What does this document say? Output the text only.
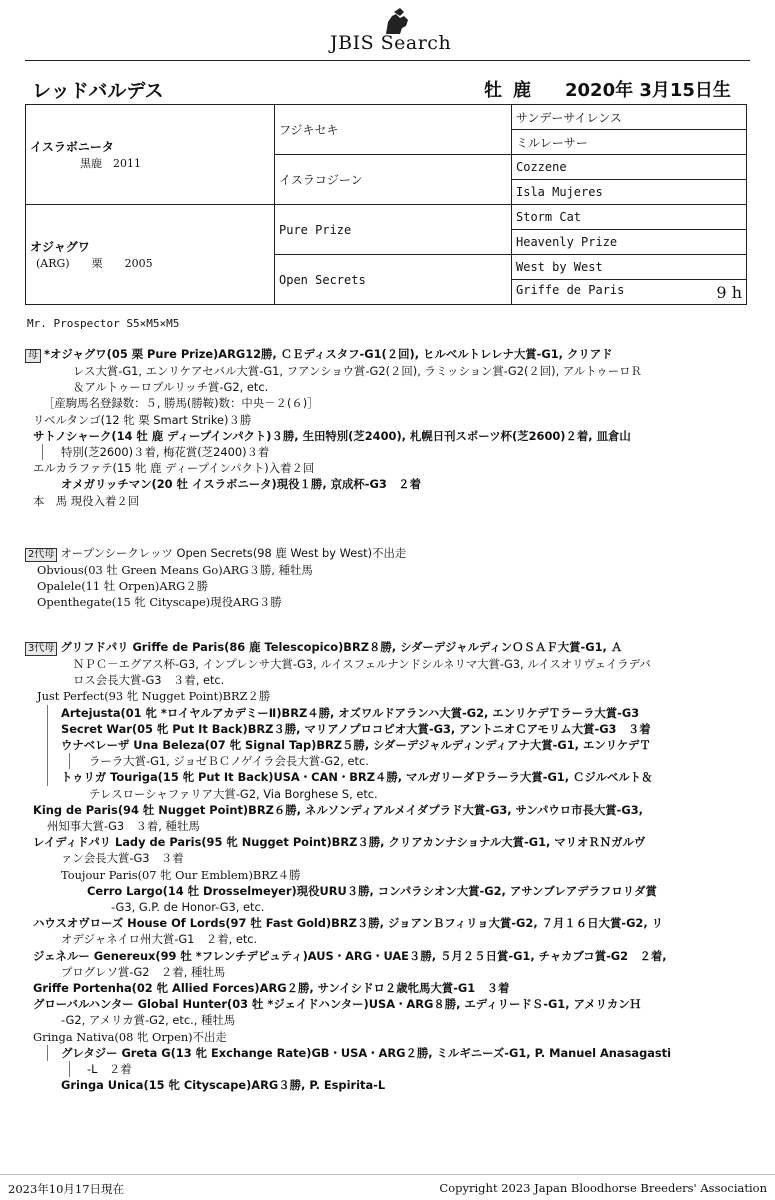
JBIS Search
レッドバルデス	牡 鹿 2020年 3月15日生
イスラボニータ
黒鹿　2011	フジキセキ	サンデーサイレンス
		ミルレーサー
	イスラコジーン	Cozzene
		Isla Mujeres

オジャグワ
(ARG)　　栗　　2005	Pure Prize	Storm Cat
		Heavenly Prize
	Open Secrets	West by West
		Griffe de Paris 9 h
Mr. Prospector S5×M5×M5
母 *オジャグワ(05 栗 Pure Prize)ARG12勝, ＣＥディスタフ-G1(２回), ヒルベルトレレナ大賞-G1, クリアド
レス大賞-G1, エンリケアセバル大賞-G1, フアンショウ賞-G2(２回), ラミッション賞-G2(２回), アルトゥーロＲ
＆アルトゥーロブルリッチ賞-G2, etc.
［産駒馬名登録数：５, 勝馬(勝鞍)数：中央－２(６)］
リベルタンゴ(12 牝 栗 Smart Strike)３勝
サトノシャーク(14 牡 鹿 ディープインパクト)３勝, 生田特別(芝2400), 札幌日刊スポーツ杯(芝2600)２着, 皿倉山
特別(芝2600)３着, 梅花賞(芝2400)３着
エルカラファテ(15 牝 鹿 ディープインパクト)入着２回
オメガリッチマン(20 牡 イスラボニータ)現役１勝, 京成杯-G3　２着
本　馬 現役入着２回
2代母 オープンシークレッツ Open Secrets(98 鹿 West by West)不出走
Obvious(03 牡 Green Means Go)ARG３勝, 種牡馬
Opalele(11 牡 Orpen)ARG２勝
Openthegate(15 牝 Cityscape)現役ARG３勝
3代母 グリフドパリ Griffe de Paris(86 鹿 Telescopico)BRZ８勝, シダーデジャルディンＯＳＡＦ大賞-G1, Ａ
ＮＰＣ－エグアス杯-G3, インプレンサ大賞-G3, ルイスフェルナンドシルネリマ大賞-G3, ルイスオリヴェイラデバ
ロス会長大賞-G3　３着, etc.
Just Perfect(93 牝 Nugget Point)BRZ２勝
Artejusta(01 牝 *ロイヤルアカデミーⅡ)BRZ４勝, オズワルドアランハ大賞-G2, エンリケデＴラーラ大賞-G3
Secret War(05 牝 Put It Back)BRZ３勝, マリアノプロコピオ大賞-G3, アントニオＣアモリム大賞-G3　３着
ウナベレーザ Una Beleza(07 牝 Signal Tap)BRZ５勝, シダーデジャルディンディアナ大賞-G1, エンリケデＴ
ラーラ大賞-G1, ジョゼＢＣノゲイラ会長大賞-G2, etc.
トゥリガ Touriga(15 牝 Put It Back)USA・CAN・BRZ４勝, マルガリーダＰラーラ大賞-G1, Ｃジルベルト＆
テレスローシャファリア大賞-G2, Via Borghese S, etc.
King de Paris(94 牡 Nugget Point)BRZ６勝, ネルソンディアルメイダプラド大賞-G3, サンパウロ市長大賞-G3,
州知事大賞-G3　３着, 種牡馬
レイディドパリ Lady de Paris(95 牝 Nugget Point)BRZ３勝, クリアカンナショナル大賞-G1, マリオＲＮガルヴ
ァン会長大賞-G3　３着
Toujour Paris(07 牝 Our Emblem)BRZ４勝
Cerro Largo(14 牡 Drosselmeyer)現役URU３勝, コンパラシオン大賞-G2, アサンブレアデラフロリダ賞
-G3, G.P. de Honor-G3, etc.
ハウスオヴローズ House Of Lords(97 牡 Fast Gold)BRZ３勝, ジョアンＢフィリョ大賞-G2, ７月１６日大賞-G2, リ
オデジャネイロ州大賞-G1　２着, etc.
ジェネルー Genereux(99 牡 *フレンチデピュティ)AUS・ARG・UAE３勝, ５月２５日賞-G1, チャカブコ賞-G2　２着,
プログレソ賞-G2　２着, 種牡馬
Griffe Portenha(02 牝 Allied Forces)ARG２勝, サンイシドロ２歳牝馬大賞-G1　３着
グローバルハンター Global Hunter(03 牡 *ジェイドハンター)USA・ARG８勝, エディリードＳ-G1, アメリカンＨ
-G2, アメリカ賞-G2, etc., 種牡馬
Gringa Nativa(08 牝 Orpen)不出走
グレタジー Greta G(13 牝 Exchange Rate)GB・USA・ARG２勝, ミルギニーズ-G1, P. Manuel Anasagasti
-L　２着
Gringa Unica(15 牝 Cityscape)ARG３勝, P. Espirita-L
2023年10月17日現在	Copyright 2023 Japan Bloodhorse Breeders' Association
